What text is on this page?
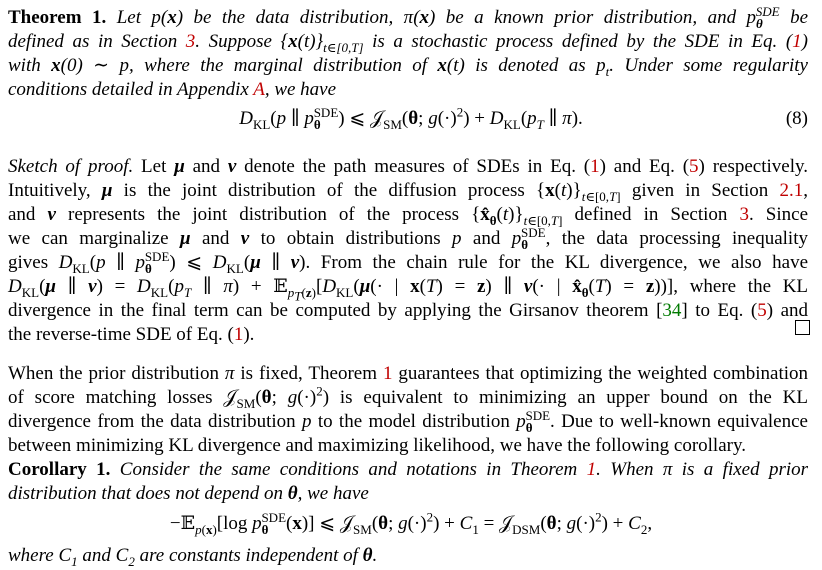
Theorem 1. Let p(x) be the data distribution, π(x) be a known prior distribution, and $p_\theta^{SDE}$ be
defined as in Section 3. Suppose $\{x(t)\}_{t\in[0,T]}$ is a stochastic process defined by the SDE in Eq. (1)
with x(0) ∼ p, where the marginal distribution of x(t) is denoted as $p_t$. Under some regularity
conditions detailed in Appendix A, we have
$D_{KL}(p$ ∥ $p_\theta^{SDE}$) ⩽ 𝒥$_{SM}$(θ; $g(\cdot)^2) + D_{KL}(p_T$ ∥ π).	(8)
Sketch of proof. Let μ and ν denote the path measures of SDEs in Eq. (1) and Eq. (5) respectively.
Intuitively, μ is the joint distribution of the diffusion process $\{x(t)\}_{t\in[0,T]}$ given in Section 2.1,
and ν represents the joint distribution of the process $\{x̂_\theta(t)\}_{t\in[0,T]}$ defined in Section 3. Since
we can marginalize μ and ν to obtain distributions p and $p_\theta^{SDE}$, the data processing inequality
gives $D_{KL}(p$ ∥ $p_\theta^{SDE}$) ⩽ $D_{KL}(\mu$ ∥ ν). From the chain rule for the KL divergence, we also have
$D_{KL}(\mu$ ∥ $\nu) = D_{KL}(p_T$ ∥ $\pi) + 𝔼_{p_T(z)}[D_{KL}(\mu(\cdot$ | x(T) = z) ∥ ν(· | $x̂_\theta(T) = z$))], where the KL
divergence in the final term can be computed by applying the Girsanov theorem [34] to Eq. (5) and
the reverse-time SDE of Eq. (1).
When the prior distribution π is fixed, Theorem 1 guarantees that optimizing the weighted combination
of score matching losses 𝒥$_{SM}$(θ; $g(\cdot)^2$) is equivalent to minimizing an upper bound on the KL
divergence from the data distribution p to the model distribution $p_\theta^{SDE}$. Due to well-known equivalence
between minimizing KL divergence and maximizing likelihood, we have the following corollary.
Corollary 1. Consider the same conditions and notations in Theorem 1. When π is a fixed prior
distribution that does not depend on θ, we have
−𝔼$_{p(x)}$[log $p_\theta^{SDE}(x)$] ⩽ 𝒥$_{SM}$(θ; $g(\cdot)^2) + C_1$ = 𝒥$_{DSM}$(θ; $g(\cdot)^2) + C_2$,
where $C_1$ and $C_2$ are constants independent of θ.
